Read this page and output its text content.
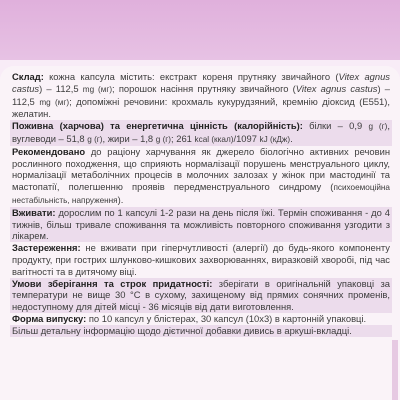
Склад: кожна капсула містить: екстракт кореня прутняку звичайного (Vitex agnus castus) – 112,5 mg (мг); порошок насіння прутняку звичайного (Vitex agnus castus) – 112,5 mg (мг); допоміжні речовини: крохмаль кукурудзяний, кремнію діоксид (Е551), желатин.

Поживна (харчова) та енергетична цінність (калорійність): білки – 0,9 g (г), вуглеводи – 51,8 g (г), жири – 1,8 g (г); 261 kcal (ккал)/1097 kJ (кДж).

Рекомендовано до раціону харчування як джерело біологічно активних речовин рослинного походження, що сприяють нормалізації порушень менструального циклу, нормалізації метаболічних процесів в молочних залозах у жінок при мастодинії та мастопатії, полегшенню проявів передменструального синдрому (психоемоційна нестабільність, напруження).

Вживати: дорослим по 1 капсулі 1-2 рази на день після їжі. Термін споживання - до 4 тижнів, більш тривале споживання та можливість повторного споживання узгодити з лікарем.

Застереження: не вживати при гіперчутливості (алергії) до будь-якого компоненту продукту, при гострих шлунково-кишкових захворюваннях, виразковій хворобі, під час вагітності та в дитячому віці.

Умови зберігання та строк придатності: зберігати в оригінальній упаковці за температури не вище 30 °С в сухому, захищеному від прямих сонячних променів, недоступному для дітей місці - 36 місяців від дати виготовлення.

Форма випуску: по 10 капсул у блістерах, 30 капсул (10х3) в картонній упаковці.

Більш детальну інформацію щодо дієтичної добавки дивись в аркуші-вкладці.
